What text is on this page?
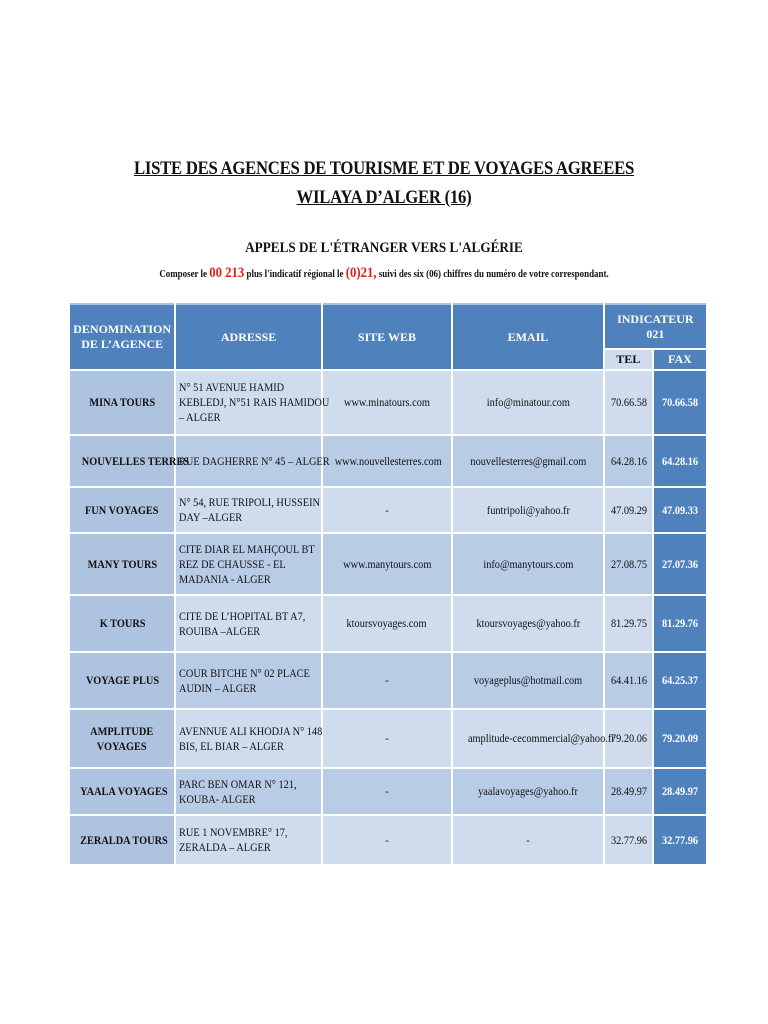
LISTE DES AGENCES DE TOURISME ET DE VOYAGES AGREEES
WILAYA D’ALGER (16)
APPELS DE L'ÉTRANGER VERS L'ALGÉRIE
Composer le 00 213 plus l'indicatif régional le (0)21, suivi des six (06) chiffres du numéro de votre correspondant.
DENOMINATION
DE L’AGENCE	ADRESSE	SITE WEB	EMAIL	INDICATEUR
021	
				TEL	FAX
MINA TOURS	N° 51 AVENUE HAMID
KEBLEDJ, N°51 RAIS HAMIDOU
– ALGER	www.minatours.com	info@minatour.com	70.66.58	70.66.58
NOUVELLES TERRES	RUE DAGHERRE N° 45 – ALGER	www.nouvellesterres.com	nouvellesterres@gmail.com	64.28.16	64.28.16
FUN VOYAGES	N° 54, RUE TRIPOLI, HUSSEIN
DAY –ALGER	-	funtripoli@yahoo.fr	47.09.29	47.09.33
MANY TOURS	CITE DIAR EL MAHÇOUL BT
REZ DE CHAUSSE - EL
MADANIA - ALGER	www.manytours.com	info@manytours.com	27.08.75	27.07.36
K TOURS	CITE DE L’HOPITAL BT A7,
ROUIBA –ALGER	ktoursvoyages.com	ktoursvoyages@yahoo.fr	81.29.75	81.29.76
VOYAGE PLUS	COUR BITCHE N° 02 PLACE
AUDIN – ALGER	-	voyageplus@hotmail.com	64.41.16	64.25.37
AMPLITUDE
VOYAGES	AVENNUE ALI KHODJA N° 148
BIS, EL BIAR – ALGER	-	amplitude-cecommercial@yahoo.fr	79.20.06	79.20.09
YAALA VOYAGES	PARC BEN OMAR N° 121,
KOUBA- ALGER	-	yaalavoyages@yahoo.fr	28.49.97	28.49.97
ZERALDA TOURS	RUE 1 NOVEMBRE° 17,
ZERALDA – ALGER	-	-	32.77.96	32.77.96
